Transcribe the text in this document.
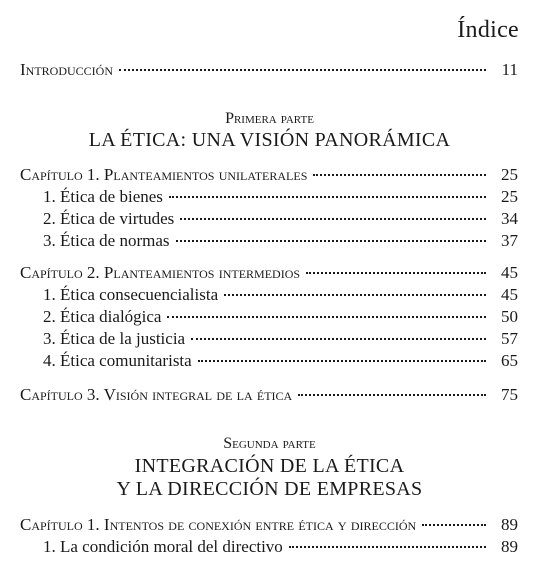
Índice
Introducción	11
Primera parte
LA ÉTICA: UNA VISIÓN PANORÁMICA
Capítulo 1. Planteamientos unilaterales	25
1. Ética de bienes	25
2. Ética de virtudes	34
3. Ética de normas	37
Capítulo 2. Planteamientos intermedios	45
1. Ética consecuencialista	45
2. Ética dialógica	50
3. Ética de la justicia	57
4. Ética comunitarista	65
Capítulo 3. Visión integral de la ética	75
Segunda parte
INTEGRACIÓN DE LA ÉTICA
Y LA DIRECCIÓN DE EMPRESAS
Capítulo 1. Intentos de conexión entre ética y dirección	89
1. La condición moral del directivo	89
